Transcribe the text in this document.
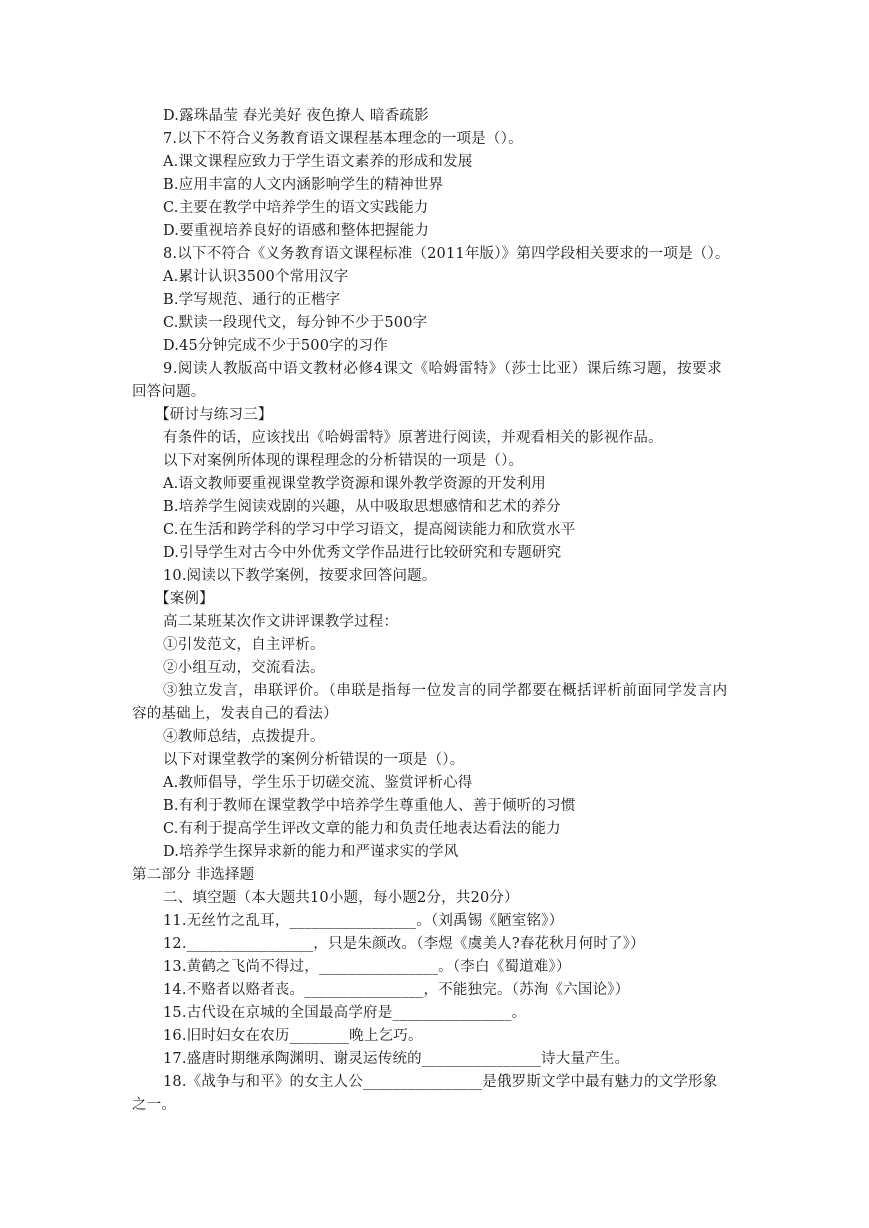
D.露珠晶莹 春光美好 夜色撩人 暗香疏影
7.以下不符合义务教育语文课程基本理念的一项是（）。
A.课文课程应致力于学生语文素养的形成和发展
B.应用丰富的人文内涵影响学生的精神世界
C.主要在教学中培养学生的语文实践能力
D.要重视培养良好的语感和整体把握能力
8.以下不符合《义务教育语文课程标准（2011年版）》第四学段相关要求的一项是（）。
A.累计认识3500个常用汉字
B.学写规范、通行的正楷字
C.默读一段现代文，每分钟不少于500字
D.45分钟完成不少于500字的习作
9.阅读人教版高中语文教材必修4课文《哈姆雷特》（莎士比亚）课后练习题，按要求
回答问题。
【研讨与练习三】
有条件的话，应该找出《哈姆雷特》原著进行阅读，并观看相关的影视作品。
以下对案例所体现的课程理念的分析错误的一项是（）。
A.语文教师要重视课堂教学资源和课外教学资源的开发利用
B.培养学生阅读戏剧的兴趣，从中吸取思想感情和艺术的养分
C.在生活和跨学科的学习中学习语文，提高阅读能力和欣赏水平
D.引导学生对古今中外优秀文学作品进行比较研究和专题研究
10.阅读以下教学案例，按要求回答问题。
【案例】
高二某班某次作文讲评课教学过程：
①引发范文，自主评析。
②小组互动，交流看法。
③独立发言，串联评价。（串联是指每一位发言的同学都要在概括评析前面同学发言内
容的基础上，发表自己的看法）
④教师总结，点拨提升。
以下对课堂教学的案例分析错误的一项是（）。
A.教师倡导，学生乐于切磋交流、鉴赏评析心得
B.有利于教师在课堂教学中培养学生尊重他人、善于倾听的习惯
C.有利于提高学生评改文章的能力和负责任地表达看法的能力
D.培养学生探异求新的能力和严谨求实的学风
第二部分 非选择题
二、填空题（本大题共10小题，每小题2分，共20分）
11.无丝竹之乱耳，_________________。（刘禹锡《陋室铭》）
12._________________，只是朱颜改。（李煜《虞美人?春花秋月何时了》）
13.黄鹤之飞尚不得过，________________。（李白《蜀道难》）
14.不赂者以赂者丧。________________，不能独完。（苏洵《六国论》）
15.古代设在京城的全国最高学府是________________。
16.旧时妇女在农历________晚上乞巧。
17.盛唐时期继承陶渊明、谢灵运传统的________________诗大量产生。
18.《战争与和平》的女主人公________________是俄罗斯文学中最有魅力的文学形象
之一。
